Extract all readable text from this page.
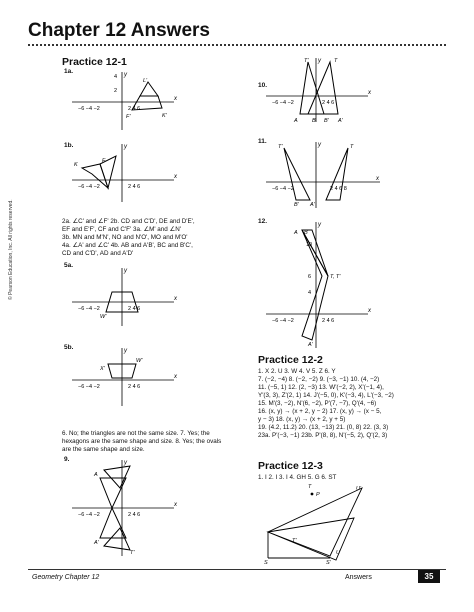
Chapter 12 Answers
© Pearson Education, Inc. All rights reserved.
Practice 12-1
1a.
x
y
−6 −4 −2
4
2
2 4 6
L'
K'
F'
1b.
x
y
−6 −4 −2	2 4 6
K
F
2a. ∠C' and ∠F' 2b. CD and C'D', DE and D'E',
EF and E'F', CF and C'F' 3a. ∠M' and ∠N'
3b. MN and M'N', NO and N'O', MO and M'O'
4a. ∠A' and ∠C' 4b. AB and A'B', BC and B'C',
CD and C'D', AD and A'D'
5a.
x
y
−6 −4 −2	2 4 6
W'
5b.
x
y
−6 −4 −2	2 4 6
X'
W'
6. No; the triangles are not the same size. 7. Yes; the
hexagons are the same shape and size. 8. Yes; the ovals
are the same shape and size.
9.
x
y
−6 −4 −2	2 4 6
A
A'
T'
10.
x
y
−6 −4 −2	2 4 6
T'	T
A	B B' A'
11.
x
y
−6 −4 −2	2 4 6 8
T'	T
B' A'
12.
x
y
−6 −4 −2	2 4 6
10
6
4
A
T, T'
A'
B
Practice 12-2
1. X 2. U 3. W 4. V 5. Z 6. Y
7. (−2, −4) 8. (−2, −2) 9. (−3, −1) 10. (4, −2)
11. (−5, 1) 12. (2, −3) 13. W'(−2, 2), X'(−1, 4),
Y'(3, 3), Z'(2, 1) 14. J'(−5, 0), K'(−3, 4), L'(−3, −2)
15. M'(3, −2), N'(6, −2), P'(7, −7), Q'(4, −6)
16. (x, y) → (x + 2, y − 2) 17. (x, y) → (x − 5,
y − 3) 18. (x, y) → (x + 2, y + 5)
19. (4.2, 11.2) 20. (13, −13) 21. (0, 8) 22. (3, 3)
23a. P'(−3, −1) 23b. P'(8, 8), N'(−5, 2), Q'(2, 3)
Practice 12-3
1. I 2. I 3. I 4. GH 5. G 6. ST
T
P
U'
T'
S
U
S'
Geometry Chapter 12	Answers	35
